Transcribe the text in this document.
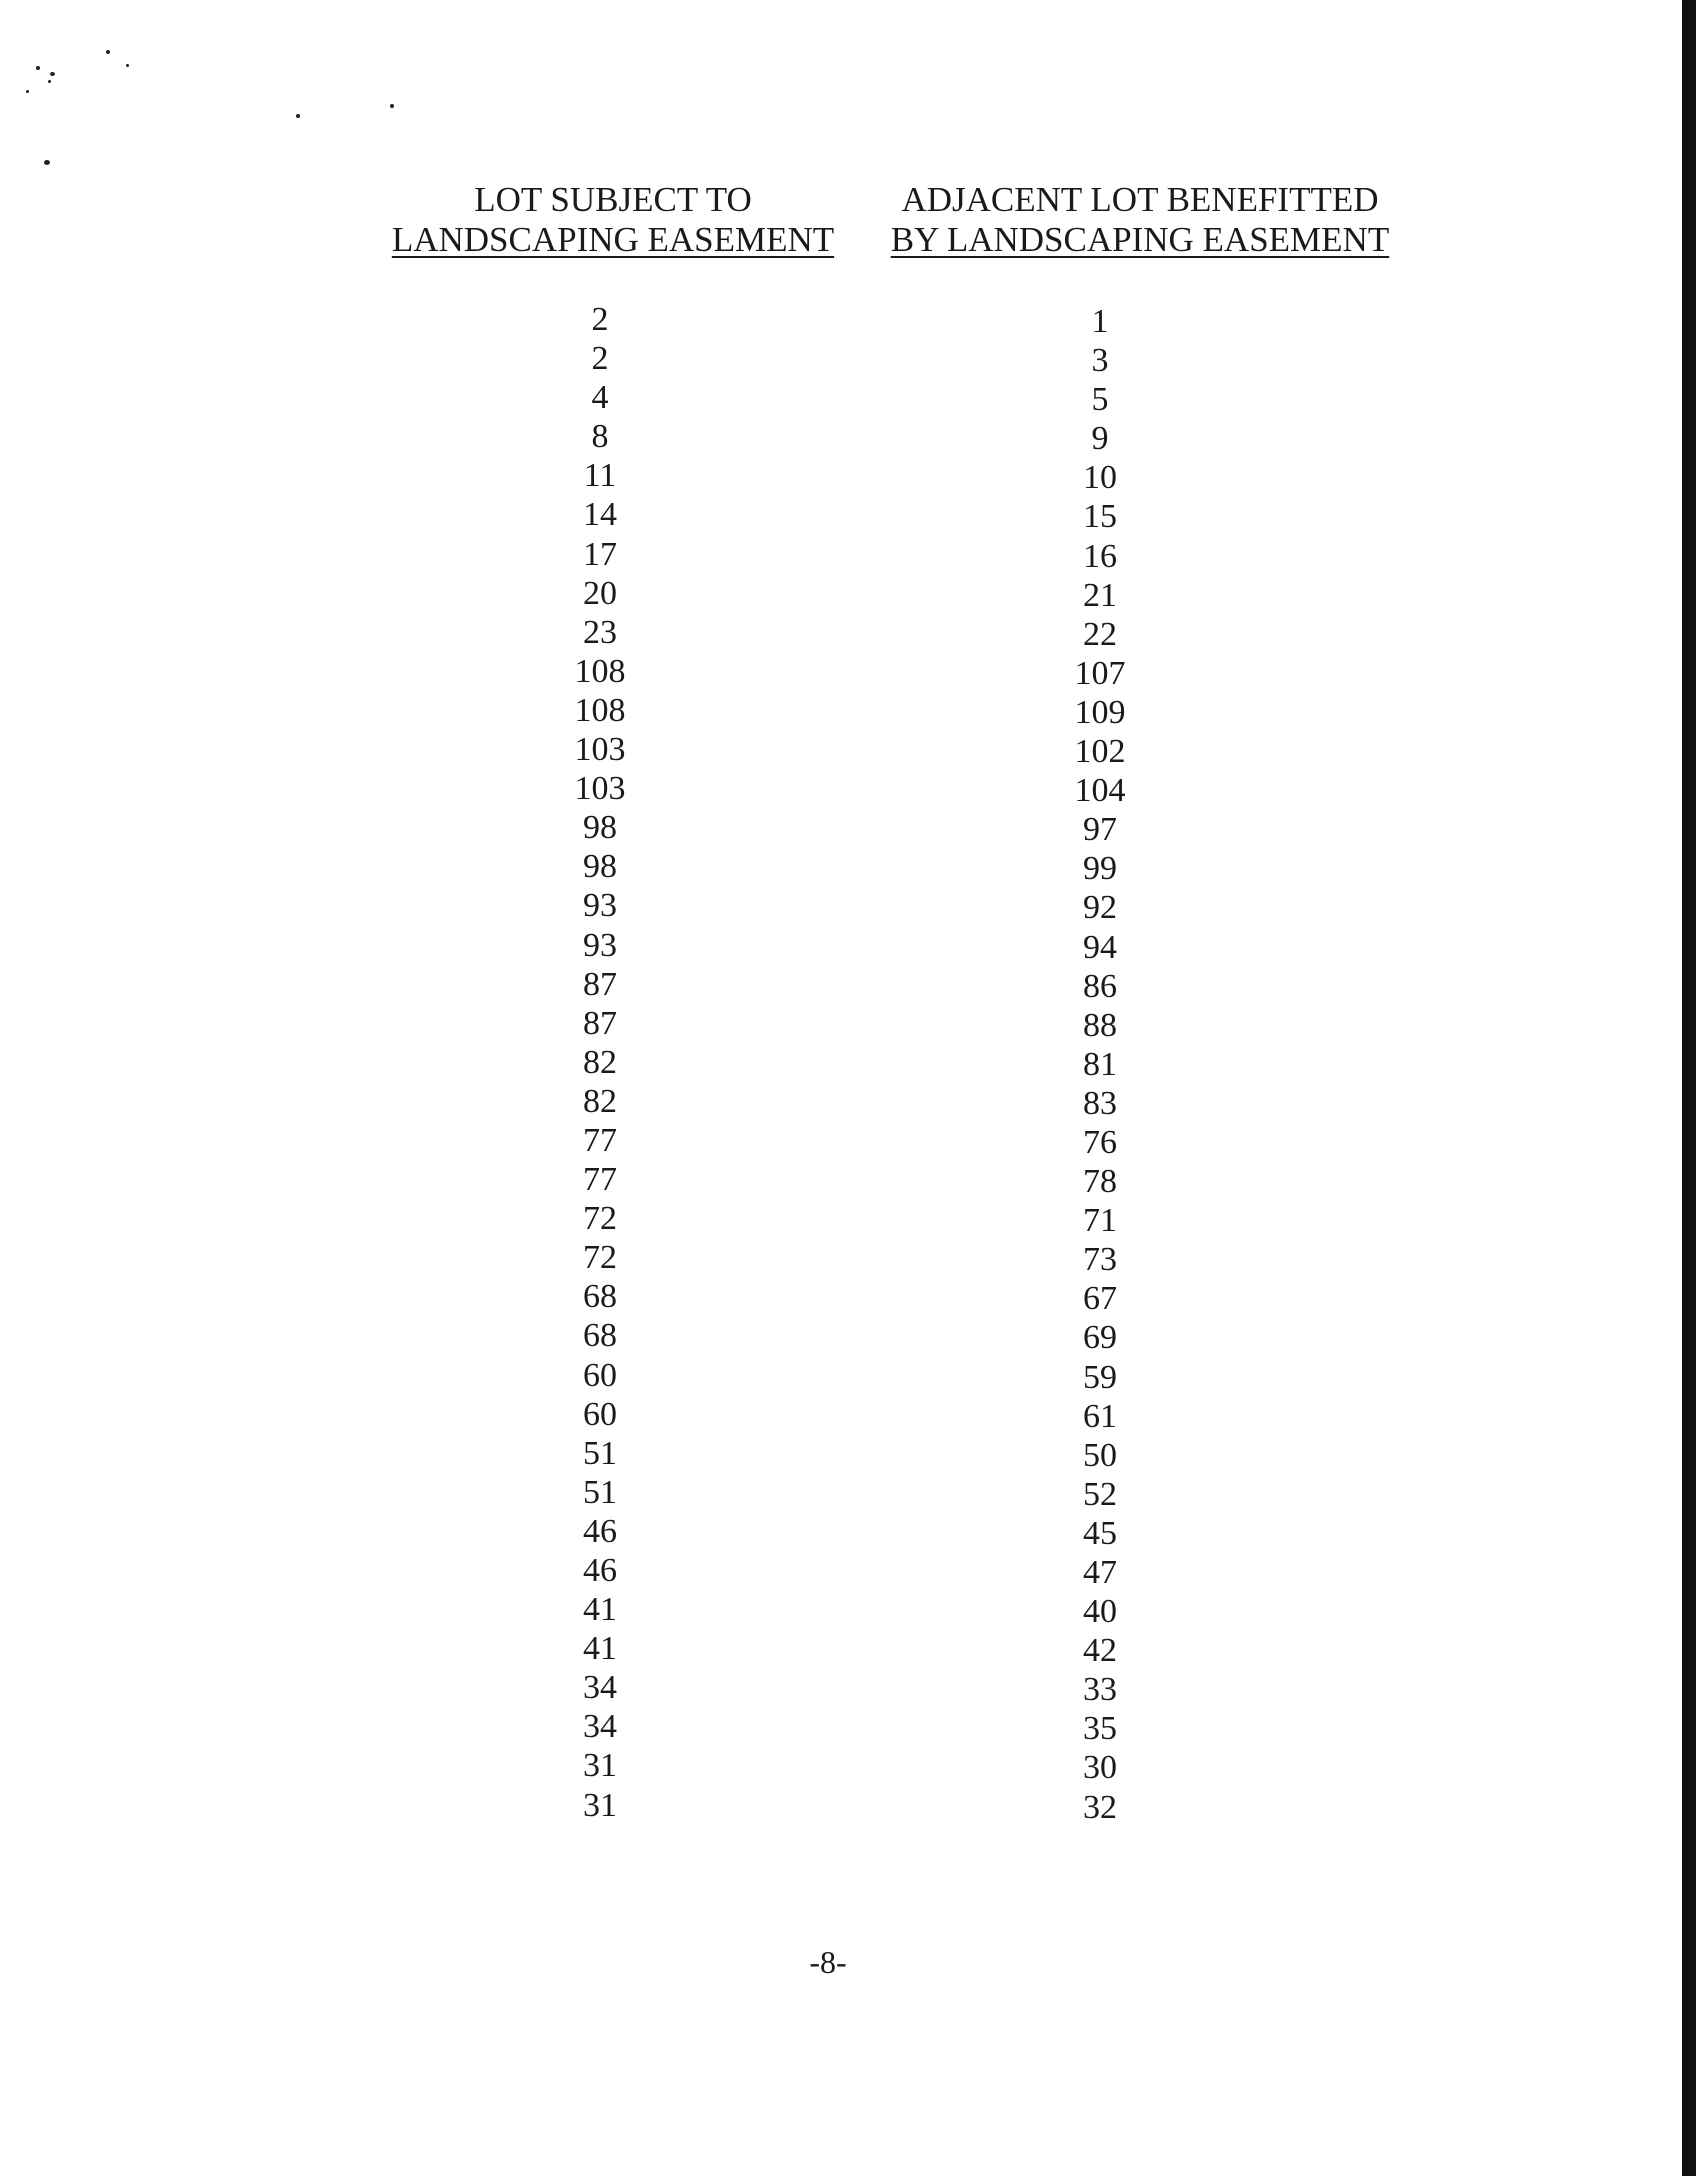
LOT SUBJECT TO
LANDSCAPING EASEMENT
ADJACENT LOT BENEFITTED
BY LANDSCAPING EASEMENT
2
2
4
8
11
14
17
20
23
108
108
103
103
98
98
93
93
87
87
82
82
77
77
72
72
68
68
60
60
51
51
46
46
41
41
34
34
31
31
1
3
5
9
10
15
16
21
22
107
109
102
104
97
99
92
94
86
88
81
83
76
78
71
73
67
69
59
61
50
52
45
47
40
42
33
35
30
32
-8-
